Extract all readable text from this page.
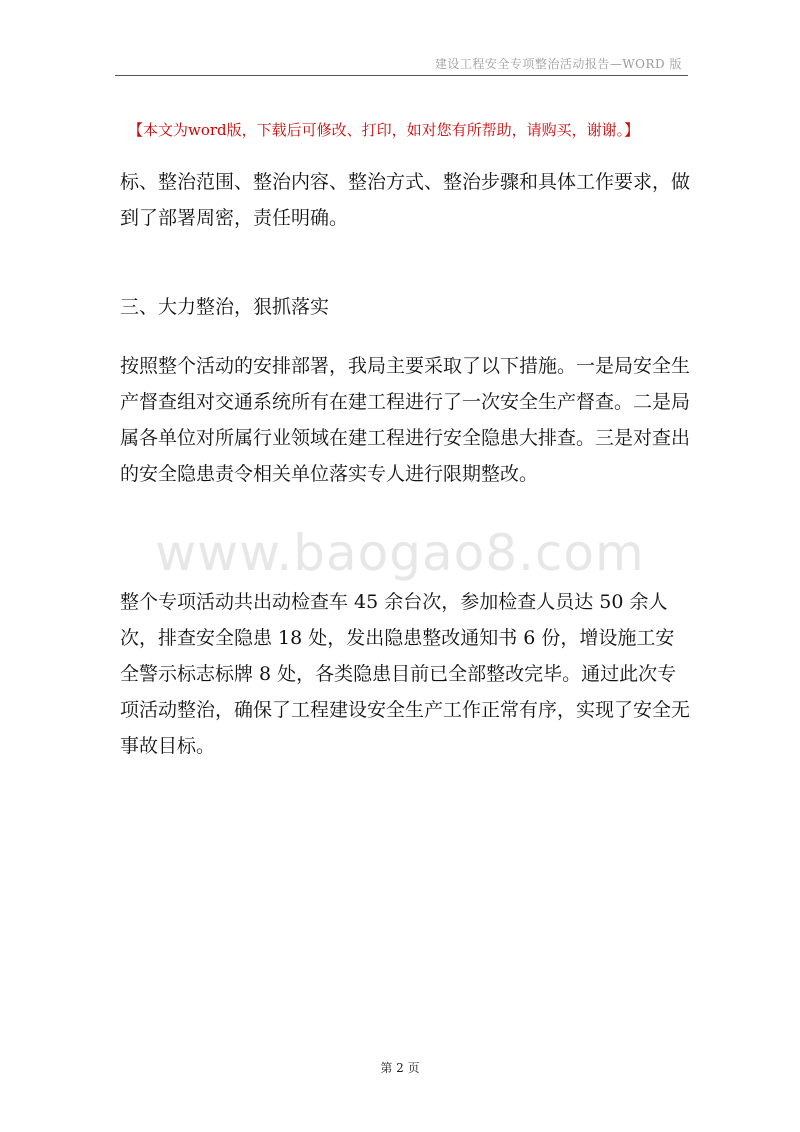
建设工程安全专项整治活动报告—WORD 版
【本文为word版，下载后可修改、打印，如对您有所帮助，请购买，谢谢。】

标、整治范围、整治内容、整治方式、整治步骤和具体工作要求，做到了部署周密，责任明确。

三、大力整治，狠抓落实

按照整个活动的安排部署，我局主要采取了以下措施。一是局安全生产督查组对交通系统所有在建工程进行了一次安全生产督查。二是局属各单位对所属行业领域在建工程进行安全隐患大排查。三是对查出的安全隐患责令相关单位落实专人进行限期整改。

www.baogao8.com

整个专项活动共出动检查车 45 余台次，参加检查人员达 50 余人次，排查安全隐患 18 处，发出隐患整改通知书 6 份，增设施工安全警示标志标牌 8 处，各类隐患目前已全部整改完毕。通过此次专项活动整治，确保了工程建设安全生产工作正常有序，实现了安全无事故目标。

第 2 页
